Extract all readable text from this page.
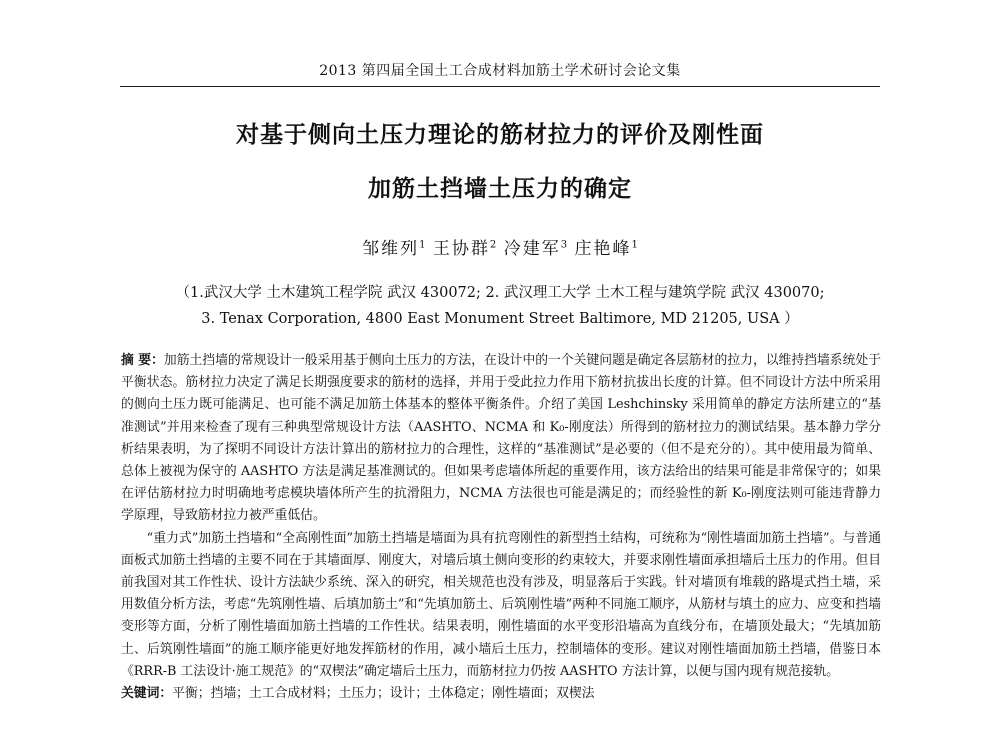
2013 第四届全国土工合成材料加筋土学术研讨会论文集
对基于侧向土压力理论的筋材拉力的评价及刚性面
加筋土挡墙土压力的确定
邹维列$^1$ 王协群$^2$ 冷建军$^3$ 庄艳峰$^1$
（1.武汉大学 土木建筑工程学院 武汉 430072; 2. 武汉理工大学 土木工程与建筑学院 武汉 430070;
3. Tenax Corporation, 4800 East Monument Street Baltimore, MD 21205, USA ）

摘 要：加筋土挡墙的常规设计一般采用基于侧向土压力的方法，在设计中的一个关键问题是确定各层筋材的拉力，以维持挡墙系统处于平衡状态。筋材拉力决定了满足长期强度要求的筋材的选择，并用于受此拉力作用下筋材抗拔出长度的计算。但不同设计方法中所采用的侧向土压力既可能满足、也可能不满足加筋土体基本的整体平衡条件。介绍了美国 Leshchinsky 采用简单的静定方法所建立的“基准测试”并用来检查了现有三种典型常规设计方法（AASHTO、NCMA 和 K₀-刚度法）所得到的筋材拉力的测试结果。基本静力学分析结果表明，为了探明不同设计方法计算出的筋材拉力的合理性，这样的“基准测试”是必要的（但不是充分的）。其中使用最为简单、总体上被视为保守的 AASHTO 方法是满足基准测试的。但如果考虑墙体所起的重要作用，该方法给出的结果可能是非常保守的；如果在评估筋材拉力时明确地考虑模块墙体所产生的抗滑阻力，NCMA 方法很也可能是满足的；而经验性的新 K₀-刚度法则可能违背静力学原理，导致筋材拉力被严重低估。

“重力式”加筋土挡墙和“全高刚性面”加筋土挡墙是墙面为具有抗弯刚性的新型挡土结构，可统称为“刚性墙面加筋土挡墙”。与普通面板式加筋土挡墙的主要不同在于其墙面厚、刚度大，对墙后填土侧向变形的约束较大，并要求刚性墙面承担墙后土压力的作用。但目前我国对其工作性状、设计方法缺少系统、深入的研究，相关规范也没有涉及，明显落后于实践。针对墙顶有堆载的路堤式挡土墙，采用数值分析方法，考虑“先筑刚性墙、后填加筋土”和“先填加筋土、后筑刚性墙”两种不同施工顺序，从筋材与填土的应力、应变和挡墙变形等方面，分析了刚性墙面加筋土挡墙的工作性状。结果表明，刚性墙面的水平变形沿墙高为直线分布，在墙顶处最大；“先填加筋土、后筑刚性墙面”的施工顺序能更好地发挥筋材的作用，减小墙后土压力，控制墙体的变形。建议对刚性墙面加筋土挡墙，借鉴日本《RRR-B 工法设计·施工规范》的“双楔法”确定墙后土压力，而筋材拉力仍按 AASHTO 方法计算，以便与国内现有规范接轨。

关键词：平衡；挡墙；土工合成材料；土压力；设计；土体稳定；刚性墙面；双楔法
